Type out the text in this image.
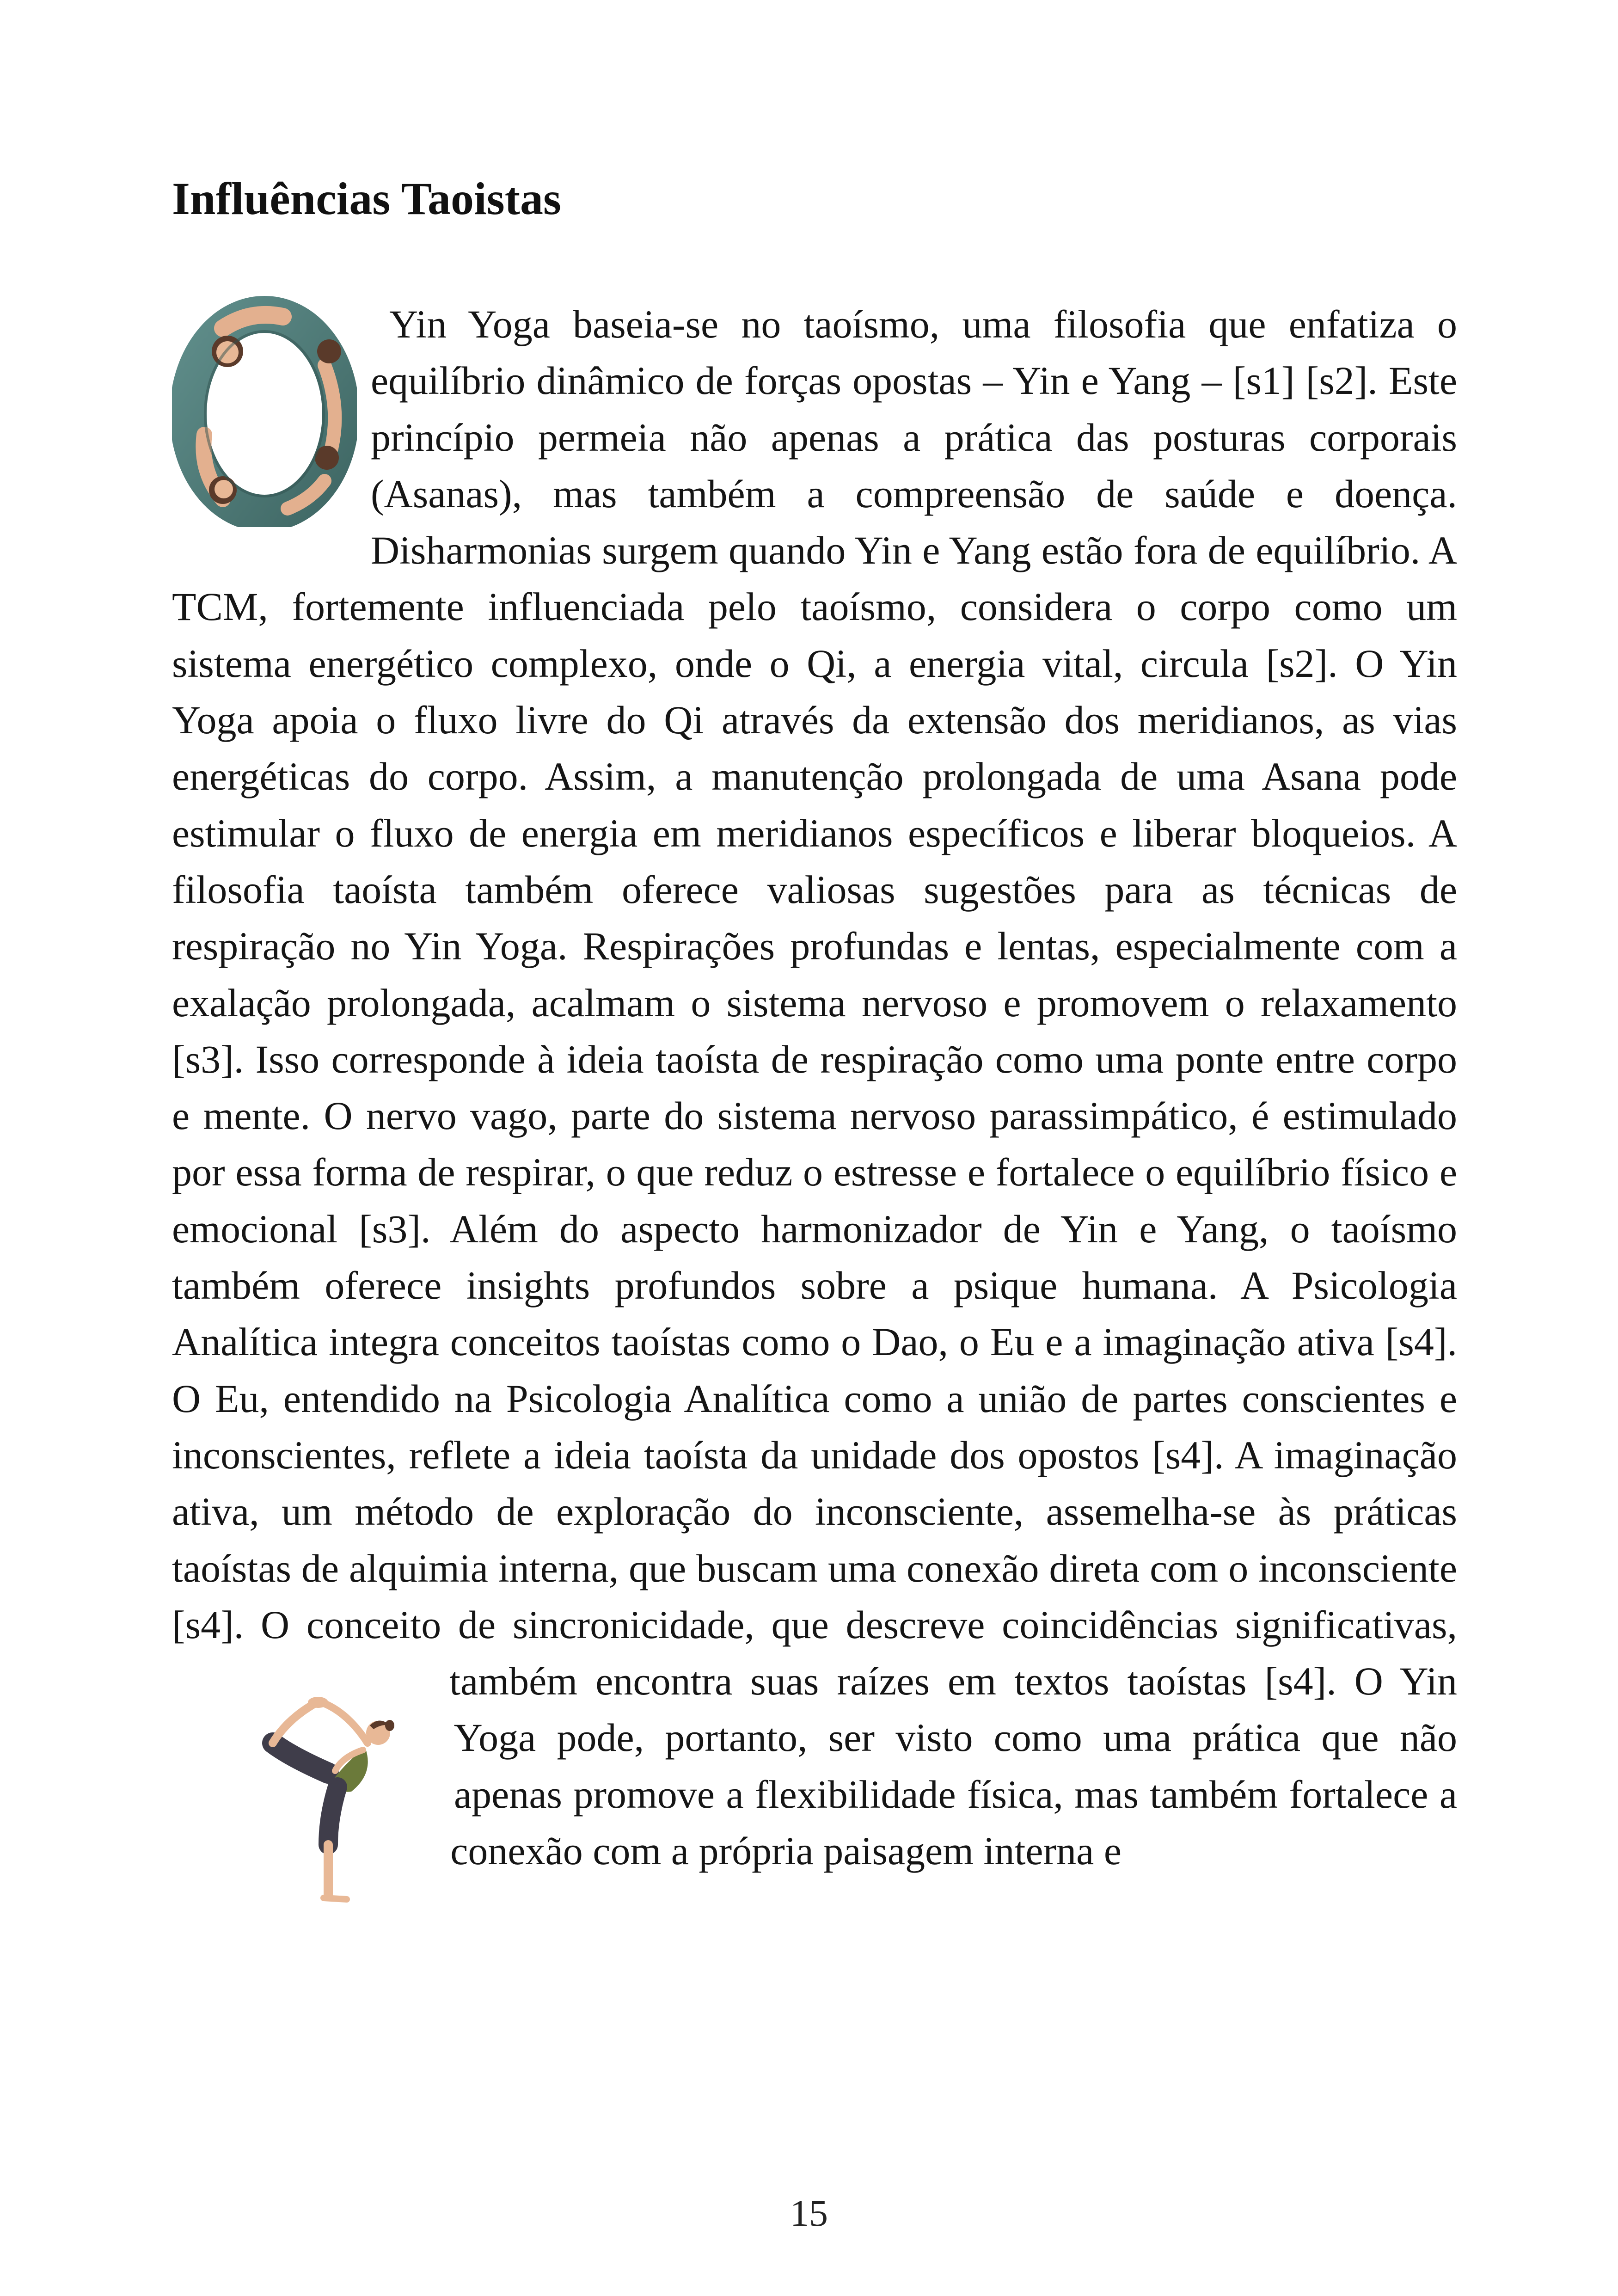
Influências Taoistas

Yin Yoga baseia-se no taoísmo, uma filosofia que enfatiza o equilíbrio dinâmico de forças opostas – Yin e Yang – [s1] [s2]. Este princípio permeia não apenas a prática das posturas corporais (Asanas), mas também a compreensão de saúde e doença. Disharmonias surgem quando Yin e Yang estão fora de equilíbrio. A TCM, fortemente influenciada pelo taoísmo, considera o corpo como um sistema energético complexo, onde o Qi, a energia vital, circula [s2]. O Yin Yoga apoia o fluxo livre do Qi através da extensão dos meridianos, as vias energéticas do corpo. Assim, a manutenção prolongada de uma Asana pode estimular o fluxo de energia em meridianos específicos e liberar bloqueios. A filosofia taoísta também oferece valiosas sugestões para as técnicas de respiração no Yin Yoga. Respirações profundas e lentas, especialmente com a exalação prolongada, acalmam o sistema nervoso e promovem o relaxamento [s3]. Isso corresponde à ideia taoísta de respiração como uma ponte entre corpo e mente. O nervo vago, parte do sistema nervoso parassimpático, é estimulado por essa forma de respirar, o que reduz o estresse e fortalece o equilíbrio físico e emocional [s3]. Além do aspecto harmonizador de Yin e Yang, o taoísmo também oferece insights profundos sobre a psique humana. A Psicologia Analítica integra conceitos taoístas como o Dao, o Eu e a imaginação ativa [s4]. O Eu, entendido na Psicologia Analítica como a união de partes conscientes e inconscientes, reflete a ideia taoísta da unidade dos opostos [s4]. A imaginação ativa, um método de exploração do inconsciente, assemelha-se às práticas taoístas de alquimia interna, que buscam uma conexão direta com o inconsciente [s4]. O conceito de sincronicidade, que descreve coincidências significativas, também encontra suas raízes em textos taoístas [s4]. O Yin Yoga pode, portanto, ser visto como uma prática que não apenas promove a flexibilidade física, mas também fortalece a conexão com a própria paisagem interna e

15
